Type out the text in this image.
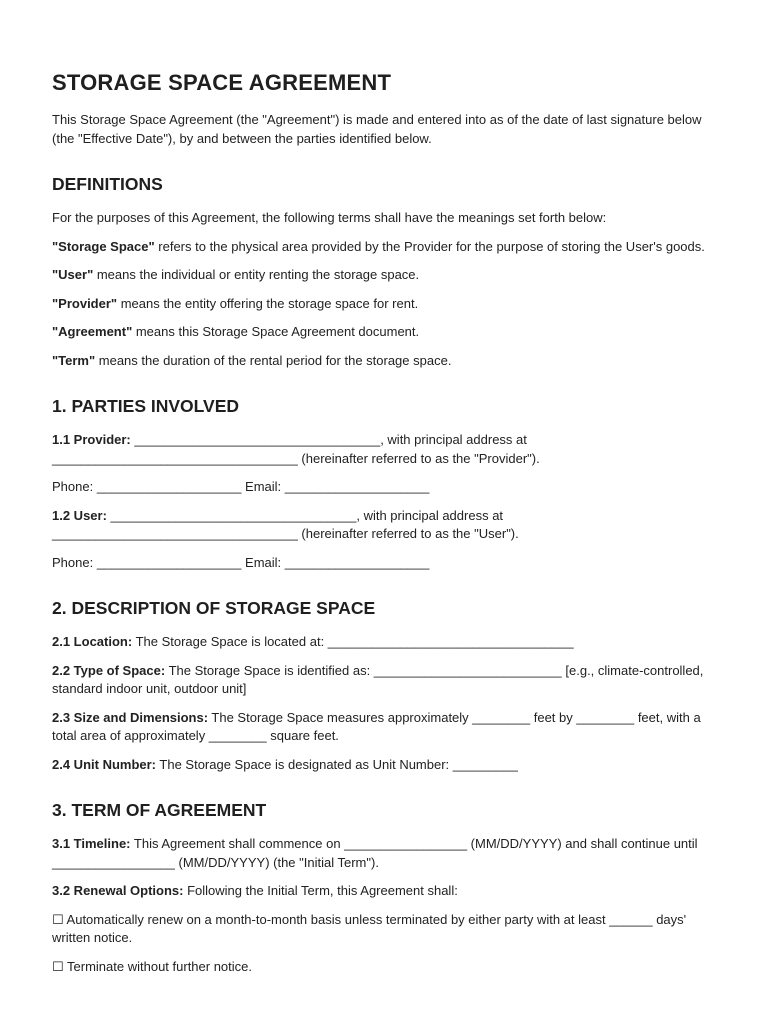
STORAGE SPACE AGREEMENT

This Storage Space Agreement (the "Agreement") is made and entered into as of the date of last signature below (the "Effective Date"), by and between the parties identified below.

DEFINITIONS

For the purposes of this Agreement, the following terms shall have the meanings set forth below:

"Storage Space" refers to the physical area provided by the Provider for the purpose of storing the User's goods.

"User" means the individual or entity renting the storage space.

"Provider" means the entity offering the storage space for rent.

"Agreement" means this Storage Space Agreement document.

"Term" means the duration of the rental period for the storage space.

1. PARTIES INVOLVED

1.1 Provider: __________________________________, with principal address at __________________________________ (hereinafter referred to as the "Provider").

Phone: ____________________ Email: ____________________

1.2 User: __________________________________, with principal address at __________________________________ (hereinafter referred to as the "User").

Phone: ____________________ Email: ____________________

2. DESCRIPTION OF STORAGE SPACE

2.1 Location: The Storage Space is located at: __________________________________

2.2 Type of Space: The Storage Space is identified as: __________________________ [e.g., climate-controlled, standard indoor unit, outdoor unit]

2.3 Size and Dimensions: The Storage Space measures approximately ________ feet by ________ feet, with a total area of approximately ________ square feet.

2.4 Unit Number: The Storage Space is designated as Unit Number: _________

3. TERM OF AGREEMENT

3.1 Timeline: This Agreement shall commence on _________________ (MM/DD/YYYY) and shall continue until _________________ (MM/DD/YYYY) (the "Initial Term").

3.2 Renewal Options: Following the Initial Term, this Agreement shall:

☐ Automatically renew on a month-to-month basis unless terminated by either party with at least ______ days' written notice.

☐ Terminate without further notice.
